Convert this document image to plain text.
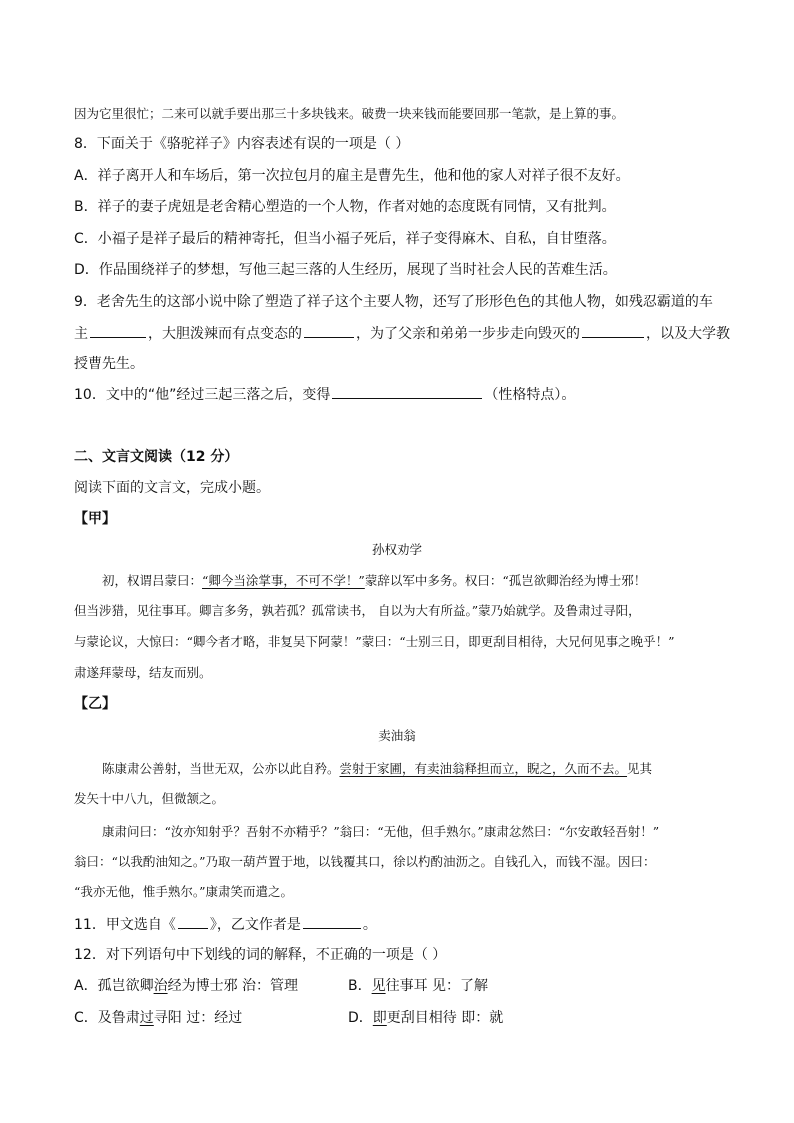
因为它里很忙；二来可以就手要出那三十多块钱来。破费一块来钱而能要回那一笔款，是上算的事。
8．下面关于《骆驼祥子》内容表述有误的一项是（ ）
A．祥子离开人和车场后，第一次拉包月的雇主是曹先生，他和他的家人对祥子很不友好。
B．祥子的妻子虎妞是老舍精心塑造的一个人物，作者对她的态度既有同情，又有批判。
C．小福子是祥子最后的精神寄托，但当小福子死后，祥子变得麻木、自私，自甘堕落。
D．作品围绕祥子的梦想，写他三起三落的人生经历，展现了当时社会人民的苦难生活。
9．老舍先生的这部小说中除了塑造了祥子这个主要人物，还写了形形色色的其他人物，如残忍霸道的车
主	，大胆泼辣而有点变态的	，为了父亲和弟弟一步步走向毁灭的	，以及大学教
授曹先生。
10．文中的“他”经过三起三落之后，变得	（性格特点）。
二、文言文阅读（12 分）
阅读下面的文言文，完成小题。
【甲】
孙权劝学
初，权谓吕蒙曰：“卿今当涂掌事，不可不学！”蒙辞以军中多务。权曰：“孤岂欲卿治经为博士邪！
但当涉猎，见往事耳。卿言多务，孰若孤？孤常读书， 自以为大有所益。”蒙乃始就学。及鲁肃过寻阳，
与蒙论议，大惊曰：“卿今者才略，非复吴下阿蒙！”蒙曰：“士别三日，即更刮目相待，大兄何见事之晚乎！”
肃遂拜蒙母，结友而别。
【乙】
卖油翁
陈康肃公善射，当世无双，公亦以此自矜。尝射于家圃，有卖油翁释担而立，睨之，久而不去。见其
发矢十中八九，但微颔之。
康肃问曰：“汝亦知射乎？吾射不亦精乎？”翁曰：“无他，但手熟尔。”康肃忿然曰：“尔安敢轻吾射！”
翁曰：“以我酌油知之。”乃取一葫芦置于地，以钱覆其口，徐以杓酌油沥之。自钱孔入，而钱不湿。因曰：
“我亦无他，惟手熟尔。”康肃笑而遣之。
11．甲文选自《 》，乙文作者是	。
12．对下列语句中下划线的词的解释，不正确的一项是（ ）
A．孤岂欲卿治经为博士邪 治：管理	B．见往事耳 见：了解
C．及鲁肃过寻阳 过：经过	D．即更刮目相待 即：就
